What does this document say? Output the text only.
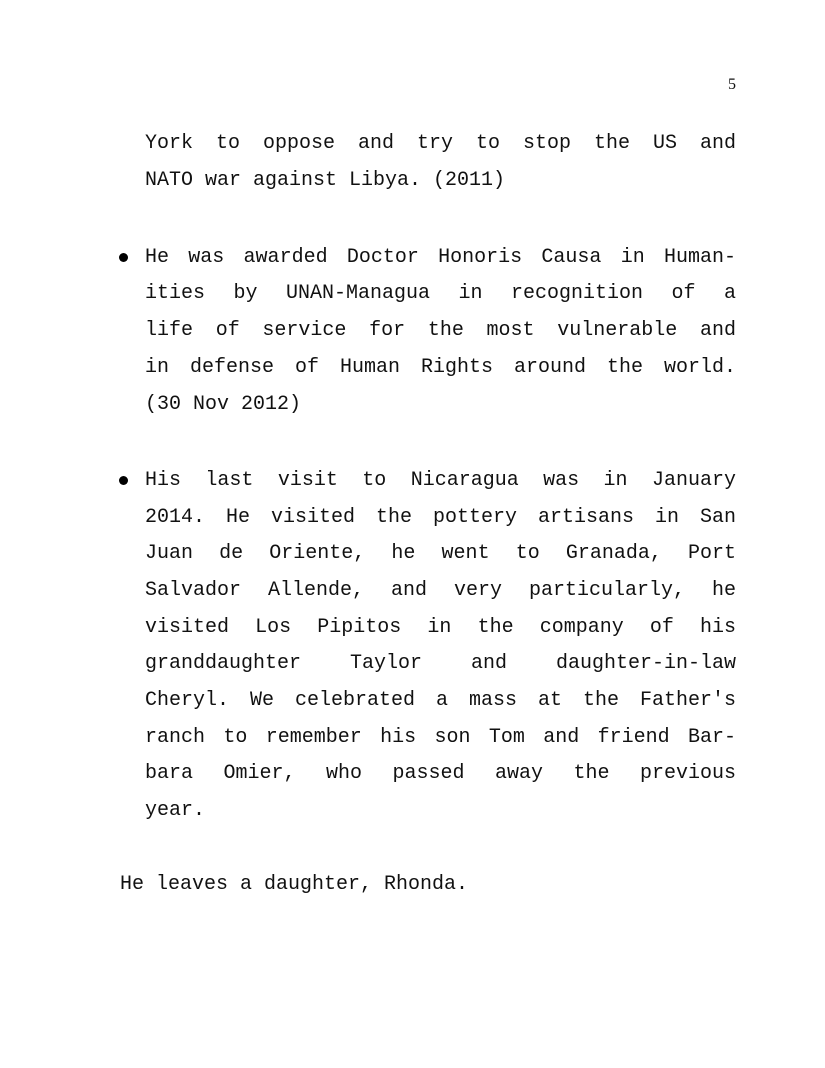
5
York to oppose and try to stop the US and
NATO war against Libya. (2011)
He was awarded Doctor Honoris Causa in Human-
ities by UNAN-Managua in recognition of a
life of service for the most vulnerable and
in defense of Human Rights around the world.
(30 Nov 2012)
His last visit to Nicaragua was in January
2014. He visited the pottery artisans in San
Juan de Oriente, he went to Granada, Port
Salvador Allende, and very particularly, he
visited Los Pipitos in the company of his
granddaughter Taylor and daughter-in-law
Cheryl. We celebrated a mass at the Father's
ranch to remember his son Tom and friend Bar-
bara Omier, who passed away the previous
year.
He leaves a daughter, Rhonda.
